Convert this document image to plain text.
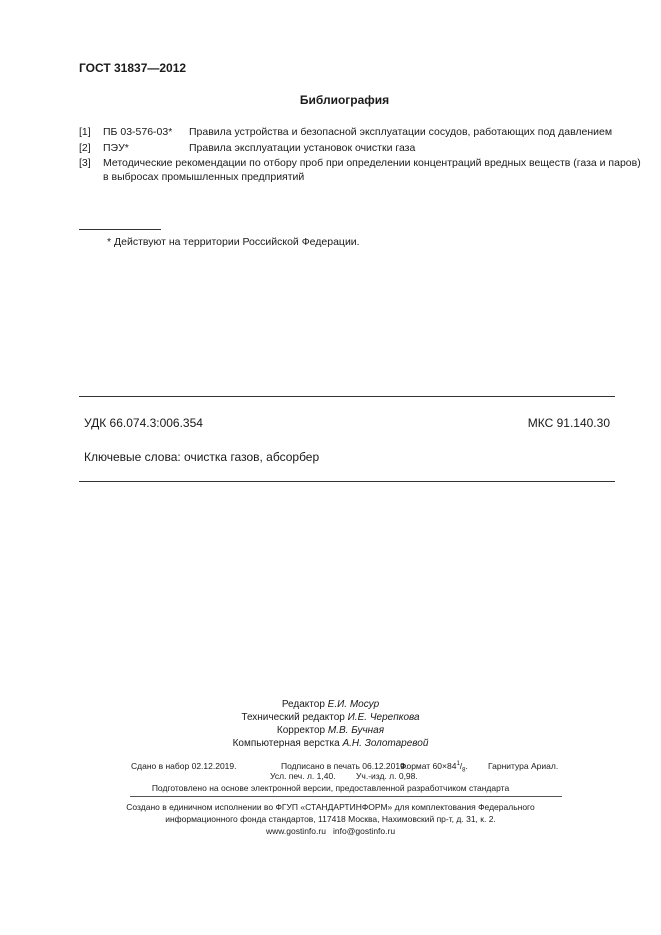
ГОСТ 31837—2012
Библиография
[1] ПБ 03-576-03* Правила устройства и безопасной эксплуатации сосудов, работающих под давлением
[2] ПЭУ*	Правила эксплуатации установок очистки газа
[3] Методические рекомендации по отбору проб при определении концентраций вредных веществ (газа и паров)
в выбросах промышленных предприятий
* Действуют на территории Российской Федерации.
УДК 66.074.3:006.354	МКС 91.140.30
Ключевые слова: очистка газов, абсорбер
Редактор Е.И. Мосур
Технический редактор И.Е. Черепкова
Корректор М.В. Бучная
Компьютерная верстка А.Н. Золотаревой
Сдано в набор 02.12.2019.	Подписано в печать 06.12.2019.
Формат $60\times 84^1/_8$. Гарнитура Ариал.
Усл. печ. л. 1,40. Уч.-изд. л. 0,98.
Подготовлено на основе электронной версии, предоставленной разработчиком стандарта
Создано в единичном исполнении во ФГУП «СТАНДАРТИНФОРМ» для комплектования Федерального
информационного фонда стандартов, 117418 Москва, Нахимовский пр-т, д. 31, к. 2.
www.gostinfo.ru info@gostinfo.ru
